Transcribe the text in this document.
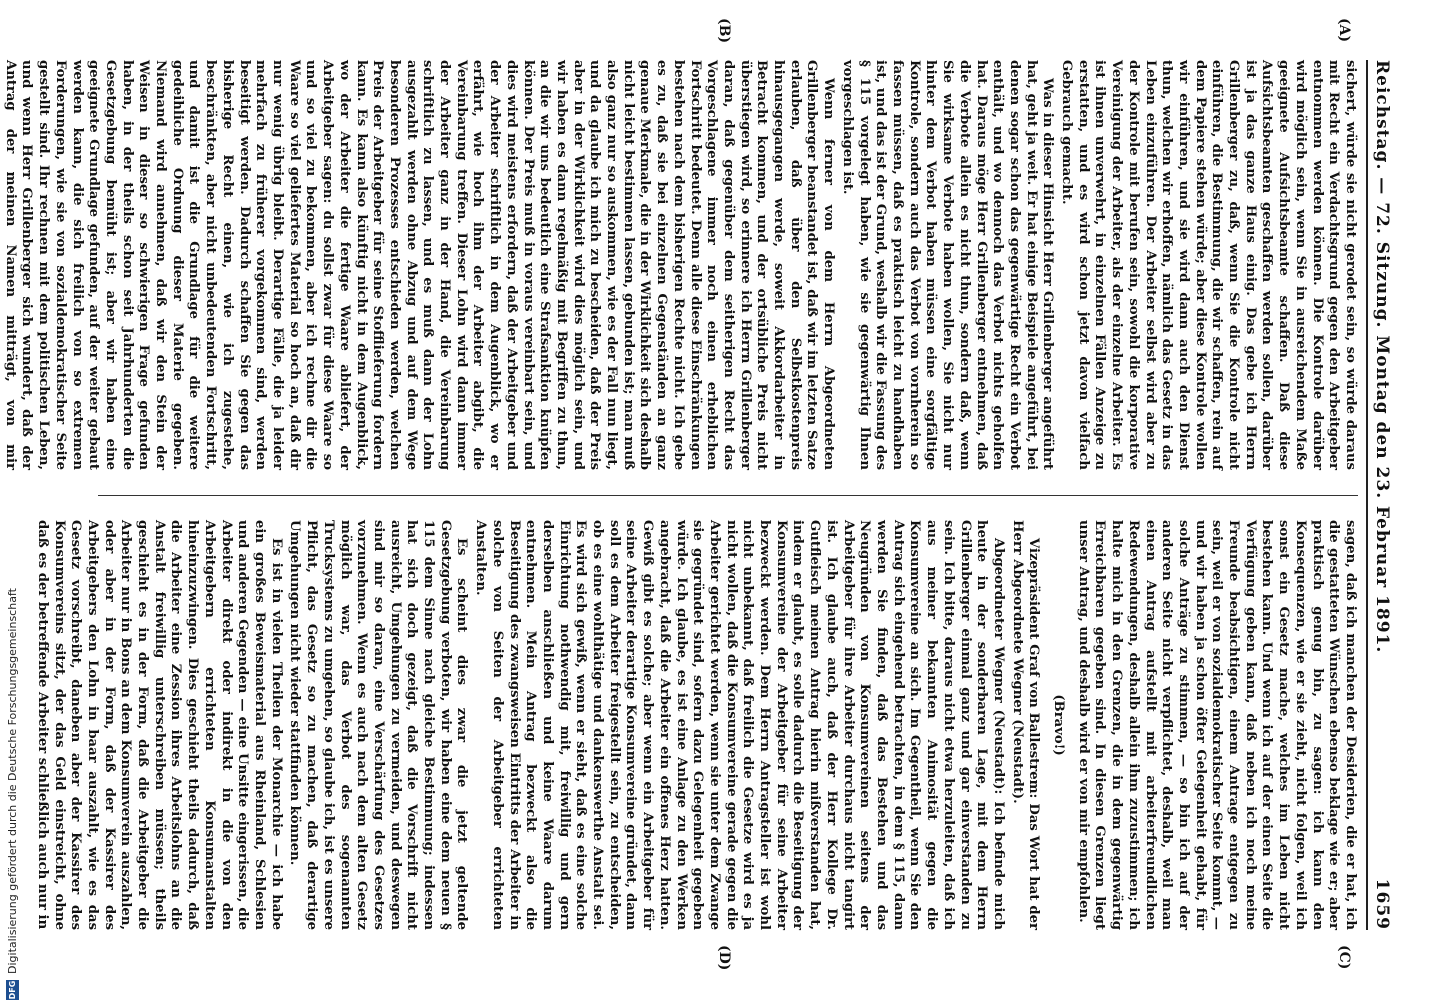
Reichstag. — 72. Sitzung. Montag den 23. Februar 1891.
1659
(A)
(B)
(C)
(D)

sichert, würde sie nicht gerodet sein, so würde daraus mit Recht ein Verdachtsgrund gegen den Arbeitgeber entnommen werden können. Die Kontrole darüber wird möglich sein, wenn Sie in ausreichendem Maße geeignete Aufsichtsbeamte schaffen. Daß diese Aufsichtsbeamten geschaffen werden sollen, darüber ist ja das ganze Haus einig. Das gebe ich Herrn Grillenberger zu, daß, wenn Sie die Kontrole nicht einführen, die Bestimmung, die wir schaffen, rein auf dem Papiere stehen würde; aber diese Kontrole wollen wir einführen, und sie wird dann auch den Dienst thun, welchen wir erhoffen, nämlich das Gesetz in das Leben einzuführen. Der Arbeiter selbst wird aber zu der Kontrole mit berufen sein, sowohl die korporative Vereinigung der Arbeiter, als der einzelne Arbeiter. Es ist ihnen unverwehrt, in einzelnen Fällen Anzeige zu erstatten, und es wird schon jetzt davon vielfach Gebrauch gemacht.

Was in dieser Hinsicht Herr Grillenberger angeführt hat, geht ja weit. Er hat einige Beispiele angeführt, bei denen sogar schon das gegenwärtige Recht ein Verbot enthält, und wo dennoch das Verbot nichts geholfen hat. Daraus möge Herr Grillenberger entnehmen, daß die Verbote allein es nicht thun, sondern daß, wenn Sie wirksame Verbote haben wollen, Sie nicht nur hinter dem Verbot haben müssen eine sorgfältige Kontrole, sondern auch das Verbot von vornherein so fassen müssen, daß es praktisch leicht zu handhaben ist, und das ist der Grund, weshalb wir die Fassung des § 115 vorgelegt haben, wie sie gegenwärtig Ihnen vorgeschlagen ist.

Wenn ferner von dem Herrn Abgeordneten Grillenberger beanstandet ist, daß wir im letzten Satze erlauben, daß über den Selbstkostenpreis hinausgegangen werde, soweit Akkordarbeiter in Betracht kommen, und der ortsübliche Preis nicht überstiegen wird, so erinnere ich Herrn Grillenberger daran, daß gegenüber dem seitherigen Recht das Vorgeschlagene immer noch einen erheblichen Fortschritt bedeutet. Denn alle diese Einschränkungen bestehen nach dem bisherigen Rechte nicht. Ich gebe es zu, daß sie bei einzelnen Gegenständen an ganz genaue Merkmale, die in der Wirklichkeit sich deshalb nicht leicht bestimmen lassen, gebunden ist; man muß also ganz nur so auskommen, wie es der Fall nun liegt, und da glaube ich mich zu bescheiden, daß der Preis aber in der Wirklichkeit wird dies möglich sein, und wir haben es dann regelmäßig mit Begriffen zu thun, an die wir uns bedeutlich eine Strafsanktion knüpfen können. Der Preis muß in voraus vereinbart sein, und dies wird meistens erfordern, daß der Arbeitgeber und der Arbeiter schriftlich in dem Augenblick, wo er erfährt, wie hoch ihm der Arbeiter abgibt, die Vereinbarung treffen. Dieser Lohn wird dann immer der Arbeiter ganz in der Hand, die Vereinbarung schriftlich zu lassen, und es muß dann der Lohn ausgezahlt werden ohne Abzug und auf dem Wege besonderen Prozesses entschieden werden, welchen Preis der Arbeitgeber für seine Stofflieferung fordern kann. Es kann also künftig nicht in dem Augenblick, wo der Arbeiter die fertige Waare abliefert, der Arbeitgeber sagen: du sollst zwar für diese Waare so und so viel zu bekommen, aber ich rechne dir die Waare so viel geliefertes Material so hoch an, daß dir nur wenig übrig bleibt. Derartige Fälle, die ja leider mehrfach zu früherer vorgekommen sind, werden beseitigt werden. Dadurch schaffen Sie gegen das bisherige Recht einen, wie ich zugestehe, beschränkten, aber nicht unbedeutenden Fortschritt, und damit ist die Grundlage für die weitere gedeihliche Ordnung dieser Materie gegeben. Niemand wird annehmen, daß wir den Stein der Weisen in dieser so schwierigen Frage gefunden haben, in der theils schon seit Jahrhunderten die Gesetzgebung bemüht ist; aber wir haben eine geeignete Grundlage gefunden, auf der weiter gebaut werden kann, die sich freilich von so extremen Forderungen, wie sie von sozialdemokratischer Seite gestellt sind. Ihr rechnen mit dem politischen Leben, und wenn Herr Grillenberger sich wundert, daß der Antrag der meinen Namen mitträgt, von mir

sagen, daß ich manchen der Desiderien, die er hat, ich die gestatteten Wünschen ebenso beklage wie er; aber praktisch genug bin, zu sagen: ich kann den Konsequenzen, wie er sie zieht, nicht folgen, weil ich sonst ein Gesetz mache, welches im Leben nicht bestehen kann. Und wenn ich auf der einen Seite die Verfügung geben kann, daß neben ich noch meine Freunde beabsichtigen, einem Antrage entgegen zu sein, weil er von sozialdemokratischer Seite kommt, — und wir haben ja schon öfter Gelegenheit gehabt, für solche Anträge zu stimmen, — so bin ich auf der anderen Seite nicht verpflichtet, deshalb, weil man einen Antrag aufstellt mit arbeiterfreundlichen Redewendungen, deshalb allein ihm zuzustimmen; ich halte mich in den Grenzen, die in dem gegenwärtig Erreichbaren gegeben sind. In diesen Grenzen liegt unser Antrag, und deshalb wird er von mir empfohlen.

(Bravo!)

Vizepräsident Graf von Ballestrem: Das Wort hat der Herr Abgeordnete Wegner (Neustadt).

Abgeordneter Wegner (Neustadt): Ich befinde mich heute in der sonderbaren Lage, mit dem Herrn Grillenberger einmal ganz und gar einverstanden zu sein. Ich bitte, daraus nicht etwa herzuleiten, daß ich aus meiner bekannten Animosität gegen die Konsumvereine an sich. Im Gegentheil, wenn Sie den Antrag sich eingehend betrachten, in dem § 115, dann werden Sie finden, daß das Bestehen und das Neugründen von Konsumvereinen seitens der Arbeitgeber für ihre Arbeiter durchaus nicht tangirt ist. Ich glaube auch, daß der Herr Kollege Dr. Gutfleisch meinen Antrag hierin mißverstanden hat, indem er glaubt, es solle dadurch die Beseitigung der Konsumvereine der Arbeitgeber für seine Arbeiter bezweckt werden. Dem Herrn Antragsteller ist wohl nicht unbekannt, daß freilich die Gesetze wird es ja nicht wollen, daß die Konsumvereine gerade gegen die Arbeiter gerichtet werden, wenn sie unter dem Zwange sie gegründet sind, sofern dazu Gelegenheit gegeben würde. Ich glaube, es ist eine Anlage zu den Werken angebracht, daß die Arbeiter ein offenes Herz hatten. Gewiß gibt es solche; aber wenn ein Arbeitgeber für seine Arbeiter derartige Konsumvereine gründet, dann soll es dem Arbeiter freigestellt sein, zu entscheiden, ob es eine wohlthätige und dankenswerthe Anstalt sei. Es wird sich gewiß, wenn er sieht, daß es eine solche Einrichtung nothwendig mit, freiwillig und gern derselben anschließen und keine Waare darum entnehmen. Mein Antrag bezweckt also die Beseitigung des zwangsweisen Eintritts der Arbeiter in solche von Seiten der Arbeitgeber errichteten Anstalten.

Es scheint dies zwar die jetzt geltende Gesetzgebung verboten, wir haben eine dem neuen § 115 dem Sinne nach gleiche Bestimmung; indessen hat sich doch gezeigt, daß die Vorschrift nicht ausreicht, Umgehungen zu vermeiden, und deswegen sind mir so daran, eine Verschärfung des Gesetzes vorzunehmen. Wenn es auch nach dem alten Gesetz möglich war, das Verbot des sogenannten Trucksystems zu umgehen, so glaube ich, ist es unsere Pflicht, das Gesetz so zu machen, daß derartige Umgehungen nicht wieder stattfinden können.

Es ist in vielen Theilen der Monarchie — ich habe ein großes Beweismaterial aus Rheinland, Schlesien und anderen Gegenden — eine Unsitte eingerissen, die Arbeiter direkt oder indirekt in die von den Arbeitgebern errichteten Konsumanstalten hineinzuzwingen. Dies geschieht theils dadurch, daß die Arbeiter eine Zession ihres Arbeitslohns an die Anstalt freiwillig unterschreiben müssen; theils geschieht es in der Form, daß die Arbeitgeber die Arbeiter nur in Bons an dem Konsumverein auszahlen, oder aber in der Form, daß der Kassirer des Arbeitgebers den Lohn in baar auszahlt, wie es das Gesetz vorschreibt, daneben aber der Kassirer des Konsumvereins sitzt, der das Geld einstreicht, ohne daß es der betreffende Arbeiter schließlich auch nur in

DFG
Digitalisierung gefördert durch die Deutsche Forschungsgemeinschaft
